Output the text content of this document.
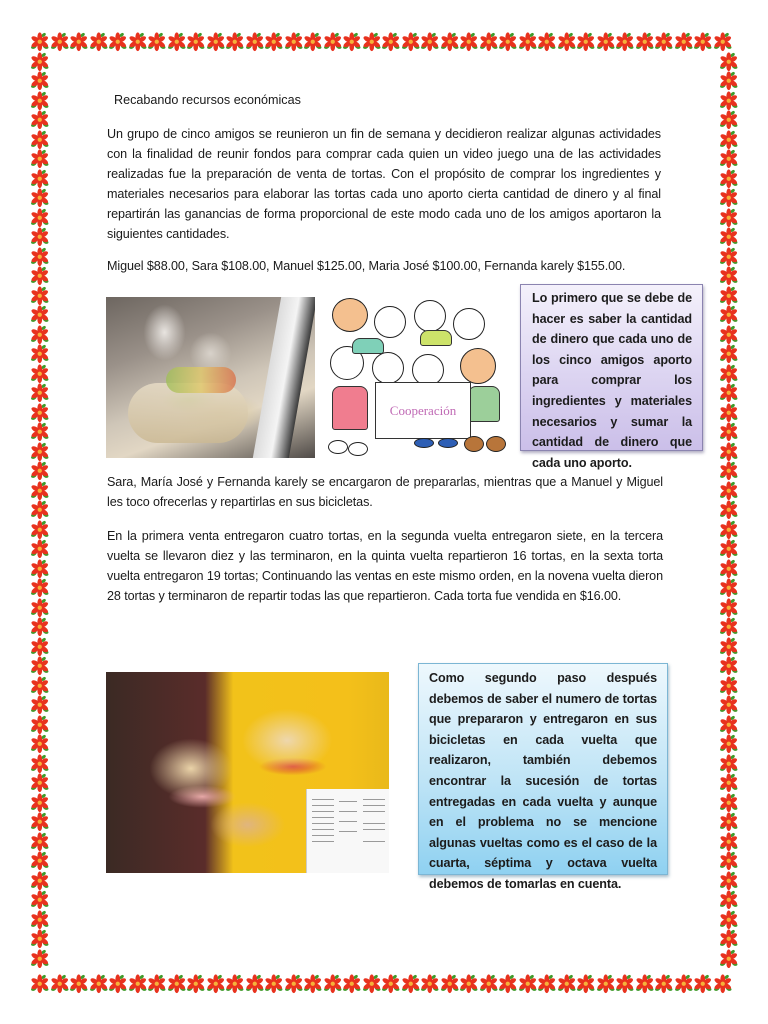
Recabando recursos económicas
Un grupo de cinco amigos se reunieron un fin de semana y decidieron realizar algunas actividades con la finalidad de reunir fondos para comprar cada quien un video juego una de las actividades realizadas fue la preparación de venta de tortas. Con el propósito de comprar los ingredientes y materiales necesarios para elaborar las tortas cada uno aporto cierta cantidad de dinero y al final repartirán las ganancias de forma proporcional de este modo cada uno de los amigos aportaron la siguientes cantidades.
Miguel $88.00, Sara $108.00, Manuel $125.00, Maria José $100.00, Fernanda karely $155.00.
Cooperación
Lo primero que se debe de hacer es saber la cantidad de dinero que cada uno de los cinco amigos aporto para comprar los ingredientes y materiales necesarios y sumar la cantidad de dinero que cada uno aporto.
Sara, María José y Fernanda karely se encargaron de prepararlas, mientras que a Manuel y Miguel les toco ofrecerlas y repartirlas en sus bicicletas.
En la primera venta entregaron cuatro tortas, en la segunda vuelta entregaron siete, en la tercera vuelta se llevaron diez y las terminaron, en la quinta vuelta repartieron 16 tortas, en la sexta torta vuelta entregaron 19 tortas; Continuando las ventas en este mismo orden, en la novena vuelta dieron 28 tortas y terminaron de repartir todas las que repartieron. Cada torta fue vendida en $16.00.
Como segundo paso después debemos de saber el numero de tortas que prepararon y entregaron en sus bicicletas en cada vuelta que realizaron, también debemos encontrar la sucesión de tortas entregadas en cada vuelta y aunque en el problema no se mencione algunas vueltas como es el caso de la cuarta, séptima y octava vuelta debemos de tomarlas en cuenta.
